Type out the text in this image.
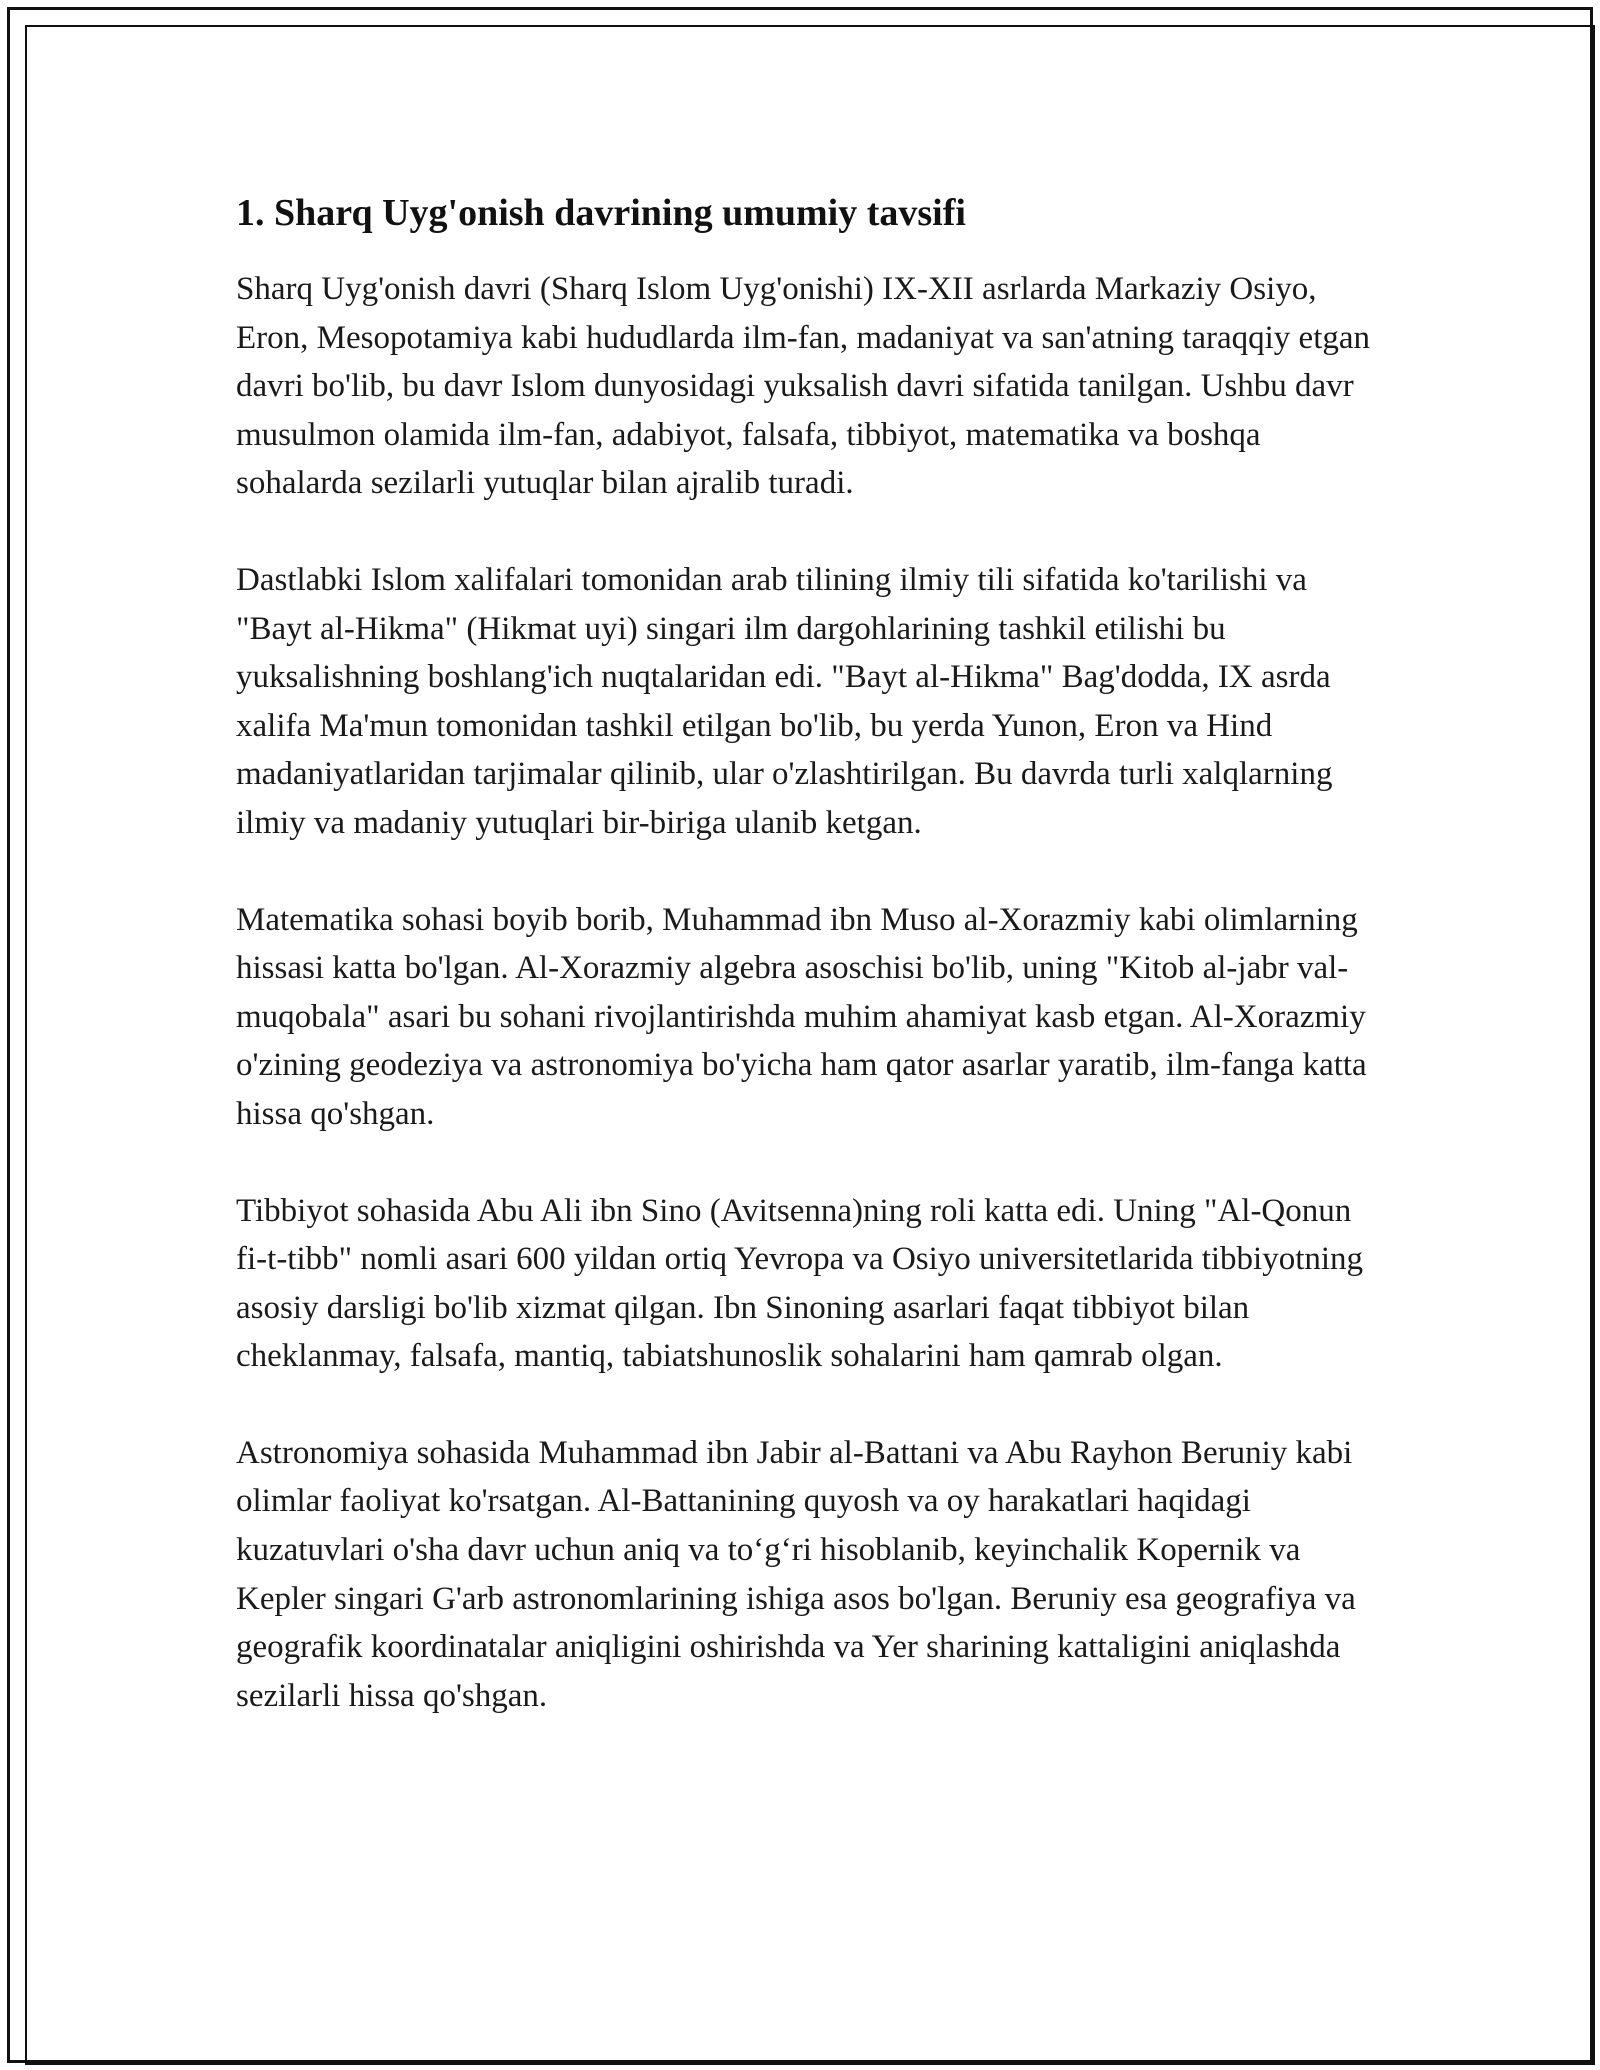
1. Sharq Uyg'onish davrining umumiy tavsifi

Sharq Uyg'onish davri (Sharq Islom Uyg'onishi) IX-XII asrlarda Markaziy Osiyo, Eron, Mesopotamiya kabi hududlarda ilm-fan, madaniyat va san'atning taraqqiy etgan davri bo'lib, bu davr Islom dunyosidagi yuksalish davri sifatida tanilgan. Ushbu davr musulmon olamida ilm-fan, adabiyot, falsafa, tibbiyot, matematika va boshqa sohalarda sezilarli yutuqlar bilan ajralib turadi.

Dastlabki Islom xalifalari tomonidan arab tilining ilmiy tili sifatida ko'tarilishi va "Bayt al-Hikma" (Hikmat uyi) singari ilm dargohlarining tashkil etilishi bu yuksalishning boshlang'ich nuqtalaridan edi. "Bayt al-Hikma" Bag'dodda, IX asrda xalifa Ma'mun tomonidan tashkil etilgan bo'lib, bu yerda Yunon, Eron va Hind madaniyatlaridan tarjimalar qilinib, ular o'zlashtirilgan. Bu davrda turli xalqlarning ilmiy va madaniy yutuqlari bir-biriga ulanib ketgan.

Matematika sohasi boyib borib, Muhammad ibn Muso al-Xorazmiy kabi olimlarning hissasi katta bo'lgan. Al-Xorazmiy algebra asoschisi bo'lib, uning "Kitob al-jabr val-muqobala" asari bu sohani rivojlantirishda muhim ahamiyat kasb etgan. Al-Xorazmiy o'zining geodeziya va astronomiya bo'yicha ham qator asarlar yaratib, ilm-fanga katta hissa qo'shgan.

Tibbiyot sohasida Abu Ali ibn Sino (Avitsenna)ning roli katta edi. Uning "Al-Qonun fi-t-tibb" nomli asari 600 yildan ortiq Yevropa va Osiyo universitetlarida tibbiyotning asosiy darsligi bo'lib xizmat qilgan. Ibn Sinoning asarlari faqat tibbiyot bilan cheklanmay, falsafa, mantiq, tabiatshunoslik sohalarini ham qamrab olgan.

Astronomiya sohasida Muhammad ibn Jabir al-Battani va Abu Rayhon Beruniy kabi olimlar faoliyat ko'rsatgan. Al-Battanining quyosh va oy harakatlari haqidagi kuzatuvlari o'sha davr uchun aniq va to‘g‘ri hisoblanib, keyinchalik Kopernik va Kepler singari G'arb astronomlarining ishiga asos bo'lgan. Beruniy esa geografiya va geografik koordinatalar aniqligini oshirishda va Yer sharining kattaligini aniqlashda sezilarli hissa qo'shgan.
